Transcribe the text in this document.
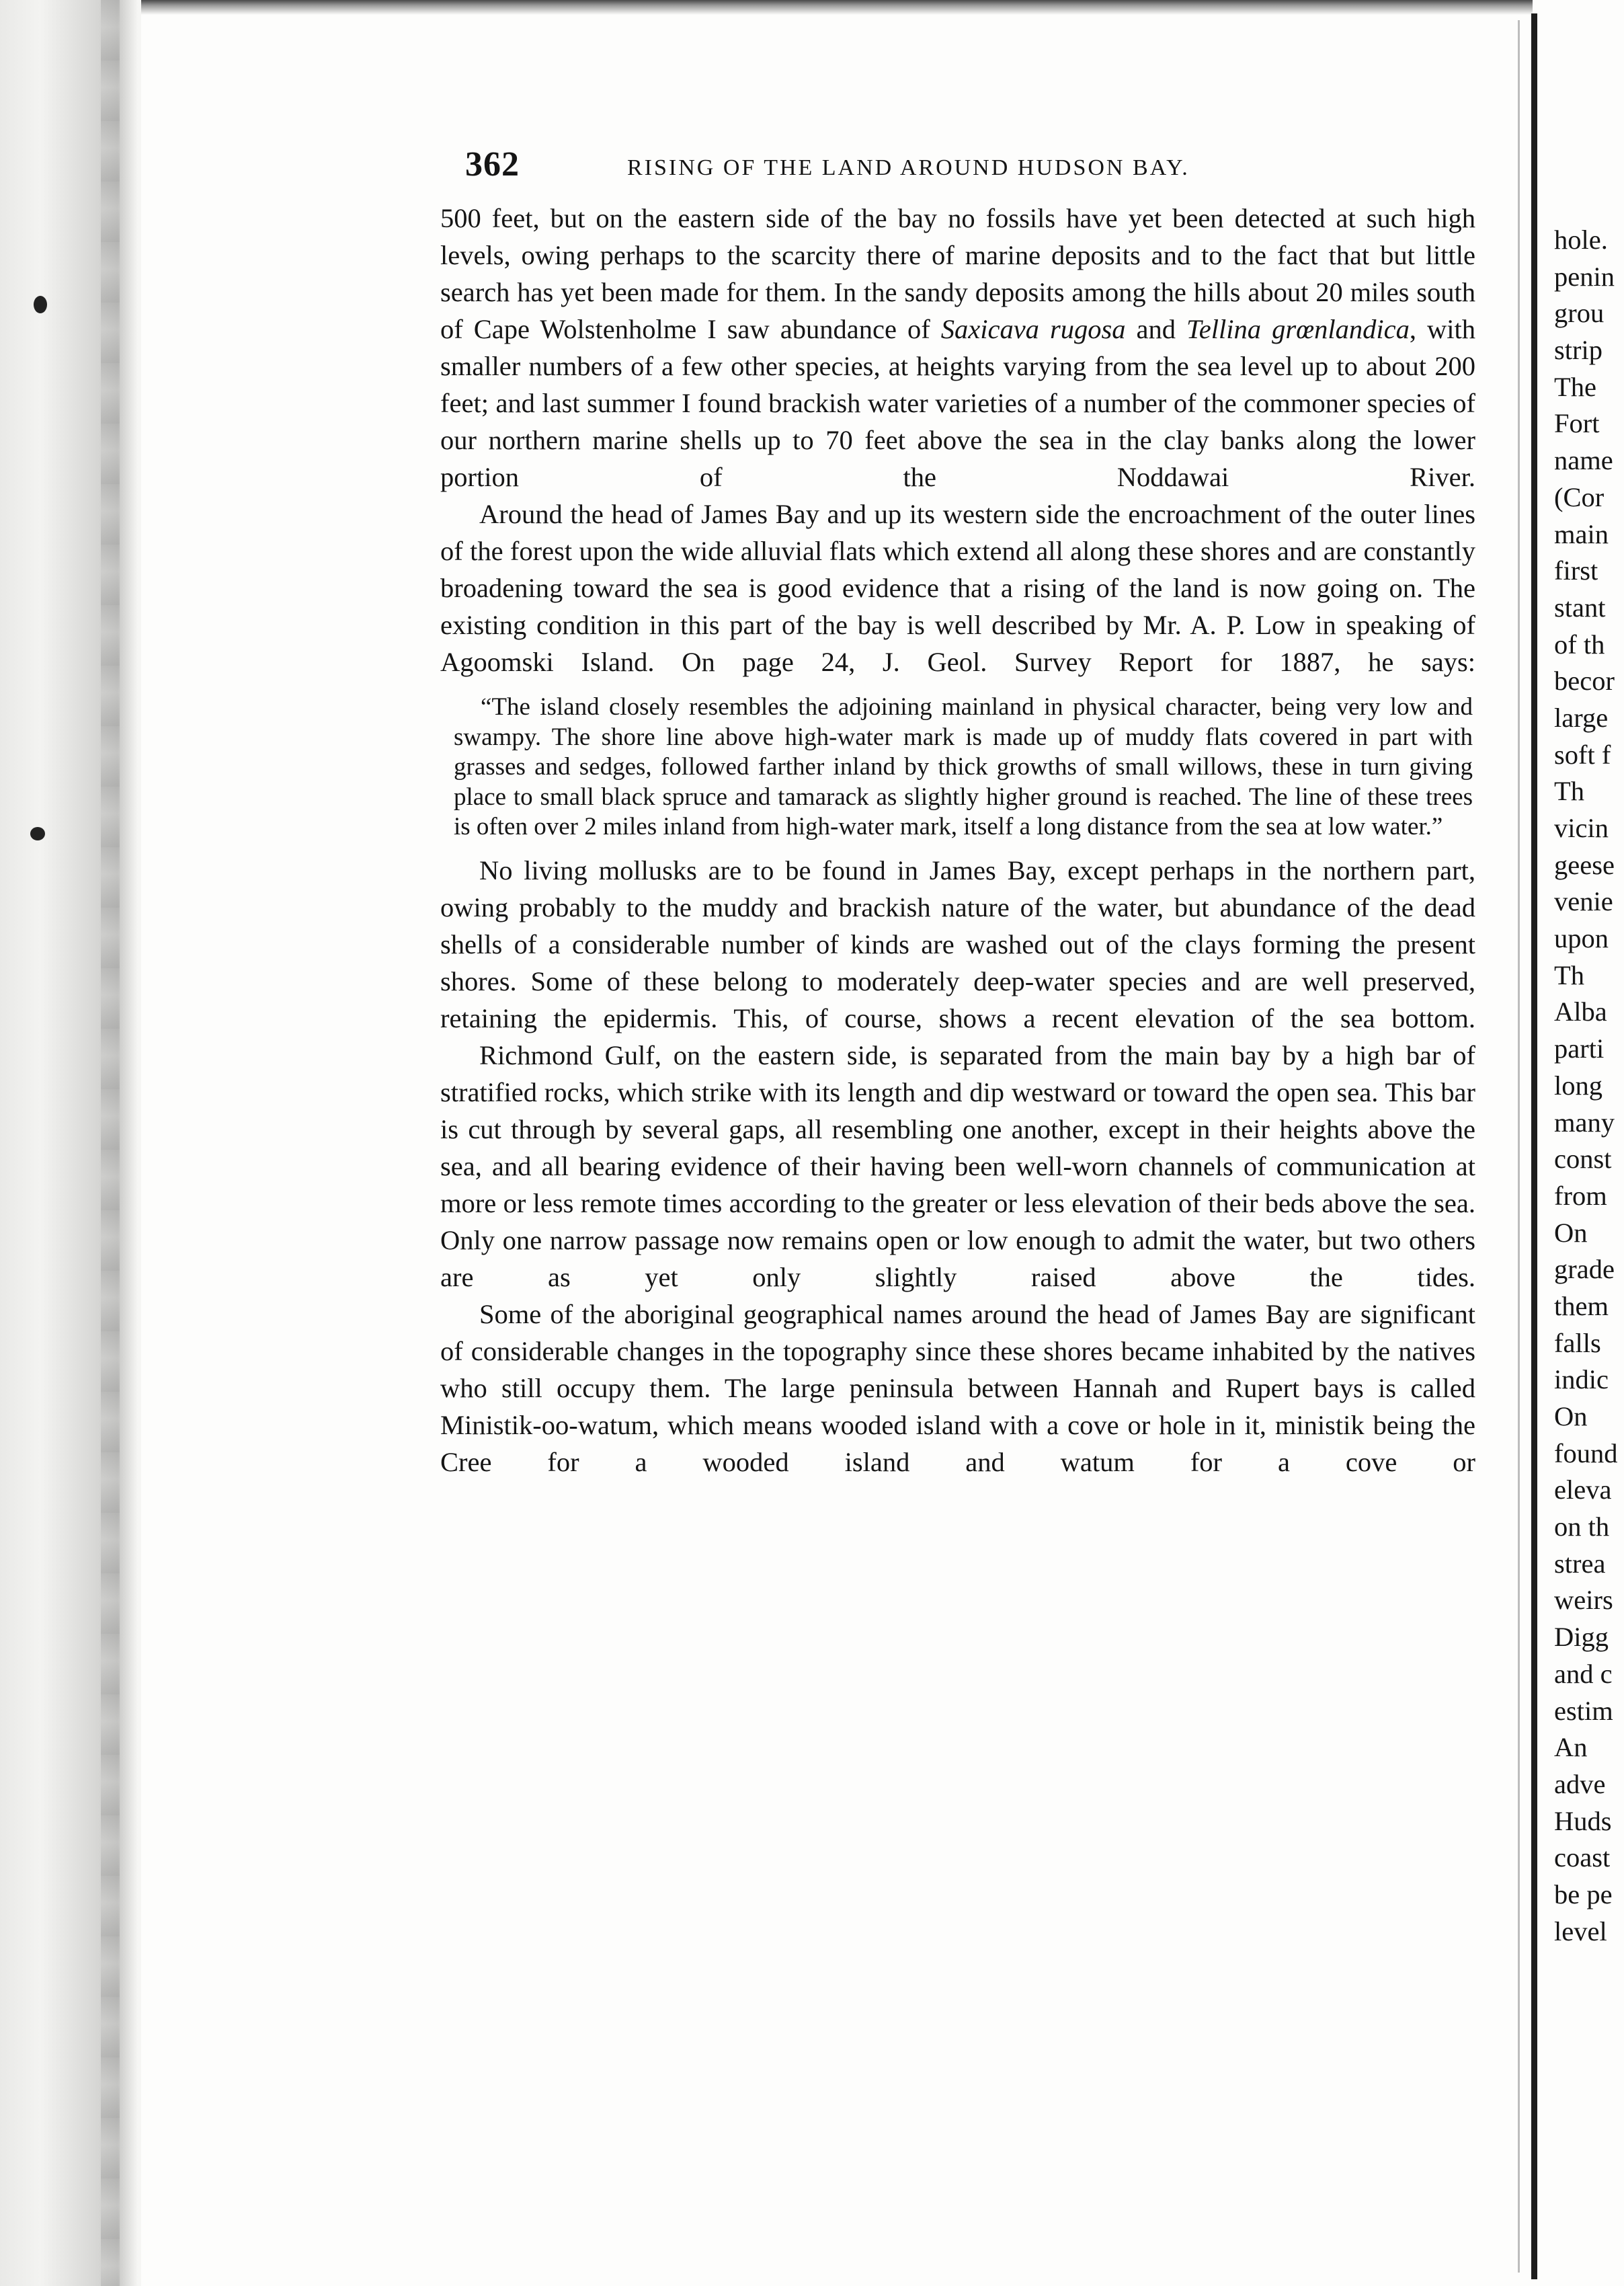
362	RISING OF THE LAND AROUND HUDSON BAY.

500 feet, but on the eastern side of the bay no fossils have yet been detected at such high levels, owing perhaps to the scarcity there of marine deposits and to the fact that but little search has yet been made for them. In the sandy deposits among the hills about 20 miles south of Cape Wolstenholme I saw abundance of Saxicava rugosa and Tellina grœnlandica, with smaller numbers of a few other species, at heights varying from the sea level up to about 200 feet; and last summer I found brackish water varieties of a number of the commoner species of our northern marine shells up to 70 feet above the sea in the clay banks along the lower portion of the Noddawai River.

Around the head of James Bay and up its western side the encroachment of the outer lines of the forest upon the wide alluvial flats which extend all along these shores and are constantly broadening toward the sea is good evidence that a rising of the land is now going on. The existing condition in this part of the bay is well described by Mr. A. P. Low in speaking of Agoomski Island. On page 24, J. Geol. Survey Report for 1887, he says:

“The island closely resembles the adjoining mainland in physical character, being very low and swampy. The shore line above high-water mark is made up of muddy flats covered in part with grasses and sedges, followed farther inland by thick growths of small willows, these in turn giving place to small black spruce and tamarack as slightly higher ground is reached. The line of these trees is often over 2 miles inland from high-water mark, itself a long distance from the sea at low water.”

No living mollusks are to be found in James Bay, except perhaps in the northern part, owing probably to the muddy and brackish nature of the water, but abundance of the dead shells of a considerable number of kinds are washed out of the clays forming the present shores. Some of these belong to moderately deep-water species and are well preserved, retaining the epidermis. This, of course, shows a recent elevation of the sea bottom.

Richmond Gulf, on the eastern side, is separated from the main bay by a high bar of stratified rocks, which strike with its length and dip westward or toward the open sea. This bar is cut through by several gaps, all resembling one another, except in their heights above the sea, and all bearing evidence of their having been well-worn channels of communication at more or less remote times according to the greater or less elevation of their beds above the sea. Only one narrow passage now remains open or low enough to admit the water, but two others are as yet only slightly raised above the tides.

Some of the aboriginal geographical names around the head of James Bay are significant of considerable changes in the topography since these shores became inhabited by the natives who still occupy them. The large peninsula between Hannah and Rupert bays is called Ministik-oo-watum, which means wooded island with a cove or hole in it, ministik being the Cree for a wooded island and watum for a cove or

hole.
penin
grou
strip
The
Fort
name
(Cor
main
first
stant
of th
becor
large
soft f
Th
vicin
geese
venie
upon
Th
Alba
parti
long
many
const
from
On
grade
them
falls
indic
On
found
eleva
on th
strea
weirs
Digg
and c
estim
An
adve
Huds
coast
be pe
level
